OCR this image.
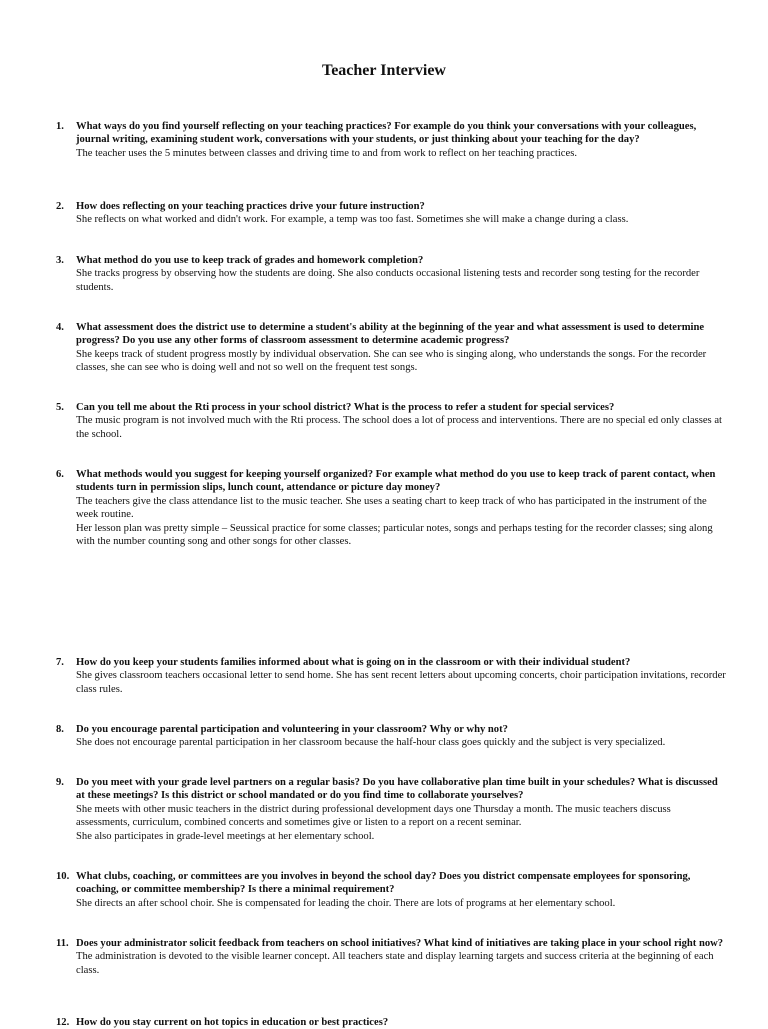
Teacher Interview
1.	What ways do you find yourself reflecting on your teaching practices? For example do you think your conversations with your colleagues, journal writing, examining student work, conversations with your students, or just thinking about your teaching for the day?
The teacher uses the 5 minutes between classes and driving time to and from work to reflect on her teaching practices.
2.	How does reflecting on your teaching practices drive your future instruction?
She reflects on what worked and didn't work. For example, a temp was too fast. Sometimes she will make a change during a class.
3.	What method do you use to keep track of grades and homework completion?
She tracks progress by observing how the students are doing. She also conducts occasional listening tests and recorder song testing for the recorder students.
4.	What assessment does the district use to determine a student's ability at the beginning of the year and what assessment is used to determine progress? Do you use any other forms of classroom assessment to determine academic progress?
She keeps track of student progress mostly by individual observation. She can see who is singing along, who understands the songs. For the recorder classes, she can see who is doing well and not so well on the frequent test songs.
5.	Can you tell me about the Rti process in your school district? What is the process to refer a student for special services?
The music program is not involved much with the Rti process. The school does a lot of process and interventions. There are no special ed only classes at the school.
6.	What methods would you suggest for keeping yourself organized? For example what method do you use to keep track of parent contact, when students turn in permission slips, lunch count, attendance or picture day money?
The teachers give the class attendance list to the music teacher. She uses a seating chart to keep track of who has participated in the instrument of the week routine.
Her lesson plan was pretty simple – Seussical practice for some classes; particular notes, songs and perhaps testing for the recorder classes; sing along with the number counting song and other songs for other classes.
7.	How do you keep your students families informed about what is going on in the classroom or with their individual student?
She gives classroom teachers occasional letter to send home. She has sent recent letters about upcoming concerts, choir participation invitations, recorder class rules.
8.	Do you encourage parental participation and volunteering in your classroom? Why or why not?
She does not encourage parental participation in her classroom because the half-hour class goes quickly and the subject is very specialized.
9.	Do you meet with your grade level partners on a regular basis? Do you have collaborative plan time built in your schedules? What is discussed at these meetings? Is this district or school mandated or do you find time to collaborate yourselves?
She meets with other music teachers in the district during professional development days one Thursday a month. The music teachers discuss assessments, curriculum, combined concerts and sometimes give or listen to a report on a recent seminar.
She also participates in grade-level meetings at her elementary school.
10. What clubs, coaching, or committees are you involves in beyond the school day? Does you district compensate employees for sponsoring, coaching, or committee membership? Is there a minimal requirement?
She directs an after school choir. She is compensated for leading the choir. There are lots of programs at her elementary school.
11. Does your administrator solicit feedback from teachers on school initiatives? What kind of initiatives are taking place in your school right now?
The administration is devoted to the visible learner concept. All teachers state and display learning targets and success criteria at the beginning of each class.
12. How do you stay current on hot topics in education or best practices?
